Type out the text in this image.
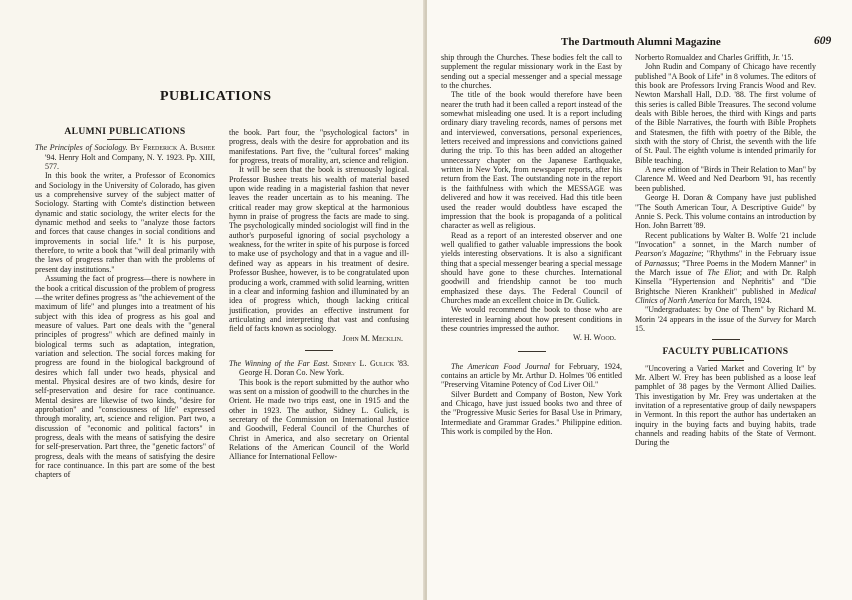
PUBLICATIONS
ALUMNI PUBLICATIONS

The Principles of Sociology. By Frederick A. Bushee '94. Henry Holt and Company, N. Y. 1923. Pp. XIII, 577.

In this book the writer, a Professor of Economics and Sociology in the University of Colorado, has given us a comprehensive survey of the subject matter of Sociology. Starting with Comte's distinction between dynamic and static sociology, the writer elects for the dynamic method and seeks to "analyze those factors and forces that cause changes in social conditions and improvements in social life." It is his purpose, therefore, to write a book that "will deal primarily with the laws of progress rather than with the problems of present day institutions."

Assuming the fact of progress—there is nowhere in the book a critical discussion of the problem of progress—the writer defines progress as "the achievement of the maximum of life" and plunges into a treatment of his subject with this idea of progress as his goal and measure of values. Part one deals with the "general principles of progress" which are defined mainly in biological terms such as adaptation, integration, variation and selection. The social forces making for progress are found in the biological background of desires which fall under two heads, physical and mental. Physical desires are of two kinds, desire for self-preservation and desire for race continuance. Mental desires are likewise of two kinds, "desire for approbation" and "consciousness of life" expressed through morality, art, science and religion. Part two, a discussion of "economic and political factors" in progress, deals with the means of satisfying the desire for self-preservation. Part three, the "genetic factors" of progress, deals with the means of satisfying the desire for race continuance. In this part are some of the best chapters of

the book. Part four, the "psychological factors" in progress, deals with the desire for approbation and its manifestations. Part five, the "cultural forces" making for progress, treats of morality, art, science and religion.

It will be seen that the book is strenuously logical. Professor Bushee treats his wealth of material based upon wide reading in a magisterial fashion that never leaves the reader uncertain as to his meaning. The critical reader may grow skeptical at the harmonious hymn in praise of progress the facts are made to sing. The psychologically minded sociologist will find in the author's purposeful ignoring of social psychology a weakness, for the writer in spite of his purpose is forced to make use of psychology and that in a vague and ill-defined way as appears in his treatment of desire. Professor Bushee, however, is to be congratulated upon producing a work, crammed with solid learning, written in a clear and informing fashion and illuminated by an idea of progress which, though lacking critical justification, provides an effective instrument for articulating and interpreting that vast and confusing field of facts known as sociology.

John M. Mecklin.

The Winning of the Far East. Sidney L. Gulick '83. George H. Doran Co. New York.

This book is the report submitted by the author who was sent on a mission of goodwill to the churches in the Orient. He made two trips east, one in 1915 and the other in 1923. The author, Sidney L. Gulick, is secretary of the Commission on International Justice and Goodwill, Federal Council of the Churches of Christ in America, and also secretary on Oriental Relations of the American Council of the World Alliance for International Fellow-

The Dartmouth Alumni Magazine	609

ship through the Churches. These bodies felt the call to supplement the regular missionary work in the East by sending out a special messenger and a special message to the churches.

The title of the book would therefore have been nearer the truth had it been called a report instead of the somewhat misleading one used. It is a report including ordinary diary traveling records, names of persons met and interviewed, conversations, personal experiences, letters received and impressions and convictions gained during the trip. To this has been added an altogether unnecessary chapter on the Japanese Earthquake, written in New York, from newspaper reports, after his return from the East. The outstanding note in the report is the faithfulness with which the MESSAGE was delivered and how it was received. Had this title been used the reader would doubtless have escaped the impression that the book is propaganda of a political character as well as religious.

Read as a report of an interested observer and one well qualified to gather valuable impressions the book yields interesting observations. It is also a significant thing that a special messenger bearing a special message should have gone to these churches. International goodwill and friendship cannot be too much emphasized these days. The Federal Council of Churches made an excellent choice in Dr. Gulick.

We would recommend the book to those who are interested in learning about how present conditions in these countries impressed the author.

W. H. Wood.

The American Food Journal for February, 1924, contains an article by Mr. Arthur D. Holmes '06 entitled "Preserving Vitamine Potency of Cod Liver Oil."

Silver Burdett and Company of Boston, New York and Chicago, have just issued books two and three of the "Progressive Music Series for Basal Use in Primary, Intermediate and Grammar Grades." Philippine edition. This work is compiled by the Hon.

Norberto Romualdez and Charles Griffith, Jr. '15.

John Rudin and Company of Chicago have recently published "A Book of Life" in 8 volumes. The editors of this book are Professors Irving Francis Wood and Rev. Newton Marshall Hall, D.D. '88. The first volume of this series is called Bible Treasures. The second volume deals with Bible heroes, the third with Kings and parts of the Bible Narratives, the fourth with Bible Prophets and Statesmen, the fifth with poetry of the Bible, the sixth with the story of Christ, the seventh with the life of St. Paul. The eighth volume is intended primarily for Bible teaching.

A new edition of "Birds in Their Relation to Man" by Clarence M. Weed and Ned Dearborn '91, has recently been published.

George H. Doran & Company have just published "The South American Tour, A Descriptive Guide" by Annie S. Peck. This volume contains an introduction by Hon. John Barrett '89.

Recent publications by Walter B. Wolfe '21 include "Invocation" a sonnet, in the March number of Pearson's Magazine; "Rhythms" in the February issue of Parnassus; "Three Poems in the Modern Manner" in the March issue of The Eliot; and with Dr. Ralph Kinsella "Hypertension and Nephritis" and "Die Brightsche Nieren Krankheit" published in Medical Clinics of North America for March, 1924.

"Undergraduates: by One of Them" by Richard M. Morin '24 appears in the issue of the Survey for March 15.

FACULTY PUBLICATIONS

"Uncovering a Varied Market and Covering It" by Mr. Albert W. Frey has been published as a loose leaf pamphlet of 38 pages by the Vermont Allied Dailies. This investigation by Mr. Frey was undertaken at the invitation of a representative group of daily newspapers in Vermont. In this report the author has undertaken an inquiry in the buying facts and buying habits, trade channels and reading habits of the State of Vermont. During the
